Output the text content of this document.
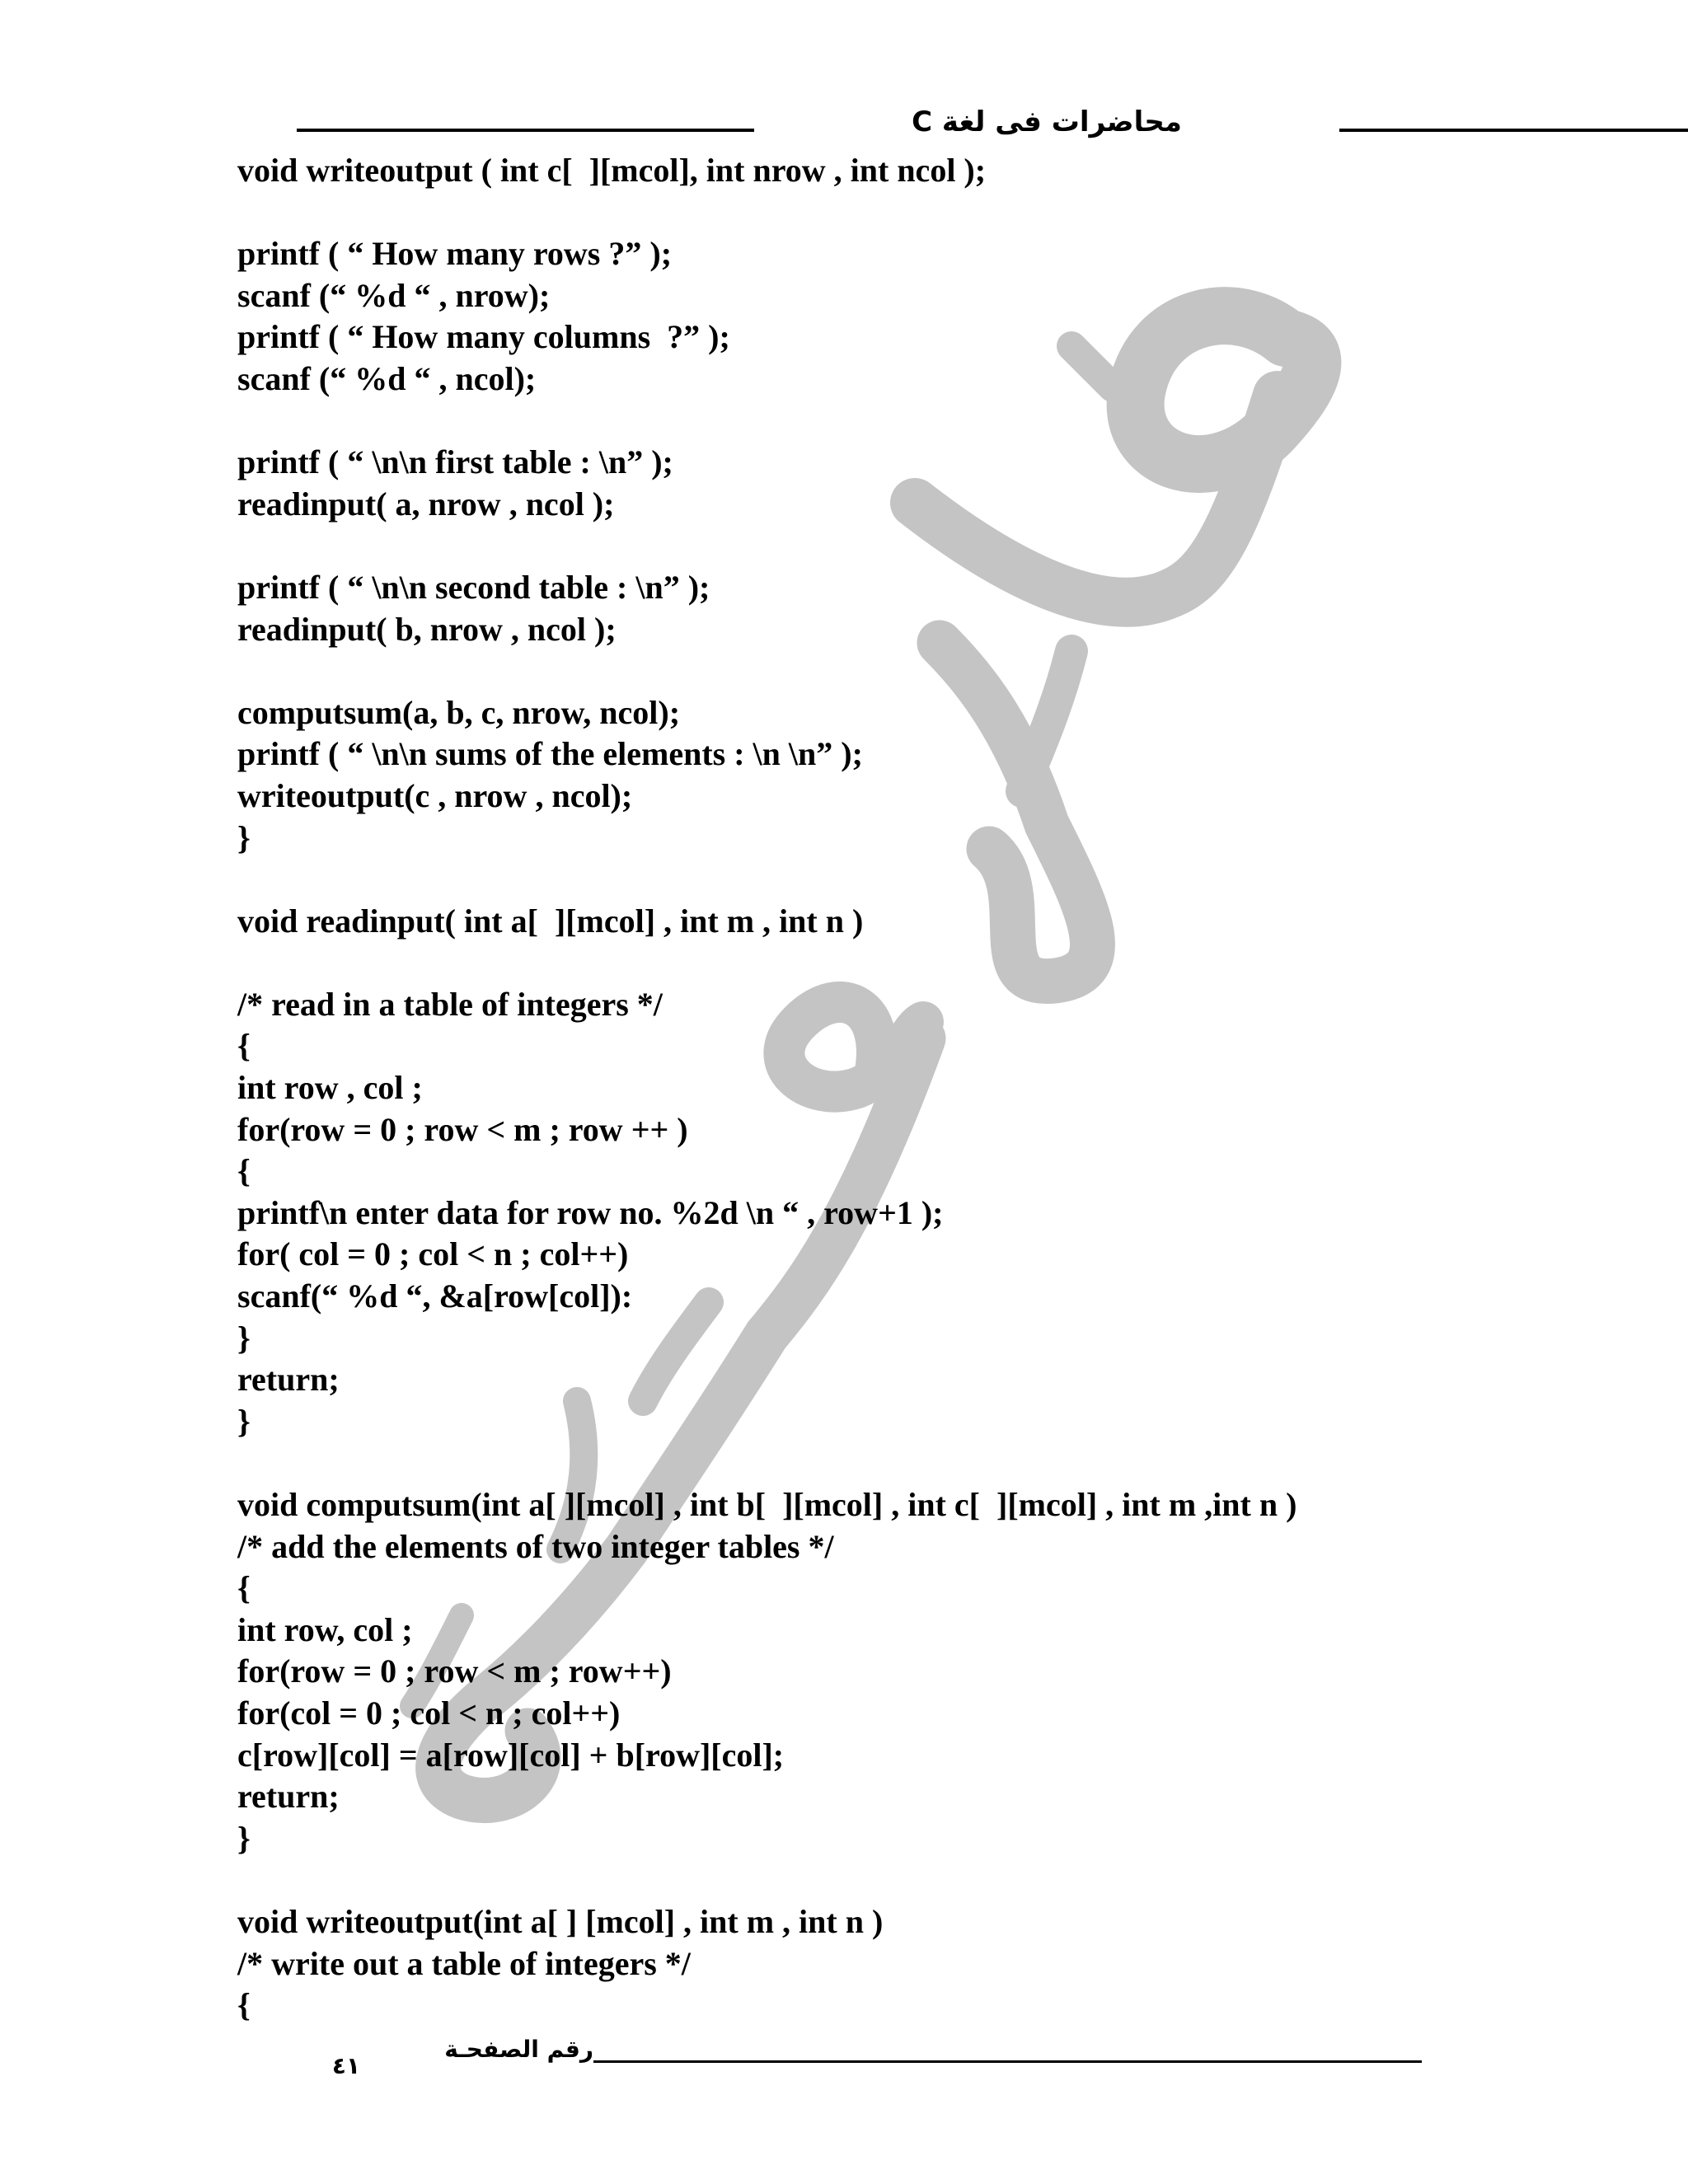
محاضرات فى لغة C
void writeoutput ( int c[  ][mcol], int nrow , int ncol );
printf ( “ How many rows ?” );
scanf (“ %d “ , nrow);
printf ( “ How many columns  ?” );
scanf (“ %d “ , ncol);
printf ( “ \n\n first table : \n” );
readinput( a, nrow , ncol );
printf ( “ \n\n second table : \n” );
readinput( b, nrow , ncol );
computsum(a, b, c, nrow, ncol);
printf ( “ \n\n sums of the elements : \n \n” );
writeoutput(c , nrow , ncol);
}
void readinput( int a[  ][mcol] , int m , int n )
/* read in a table of integers */
{
int row , col ;
for(row = 0 ; row < m ; row ++ )
{
printf\n enter data for row no. %2d \n “ , row+1 );
for( col = 0 ; col < n ; col++)
scanf(“ %d “, &a[row[col]):
}
return;
}
void computsum(int a[ ][mcol] , int b[  ][mcol] , int c[  ][mcol] , int m ,int n )
/* add the elements of two integer tables */
{
int row, col ;
for(row = 0 ; row < m ; row++)
for(col = 0 ; col < n ; col++)
c[row][col] = a[row][col] + b[row][col];
return;
}
void writeoutput(int a[ ] [mcol] , int m , int n )
/* write out a table of integers */
{
رقم الصفحـة
٤١
